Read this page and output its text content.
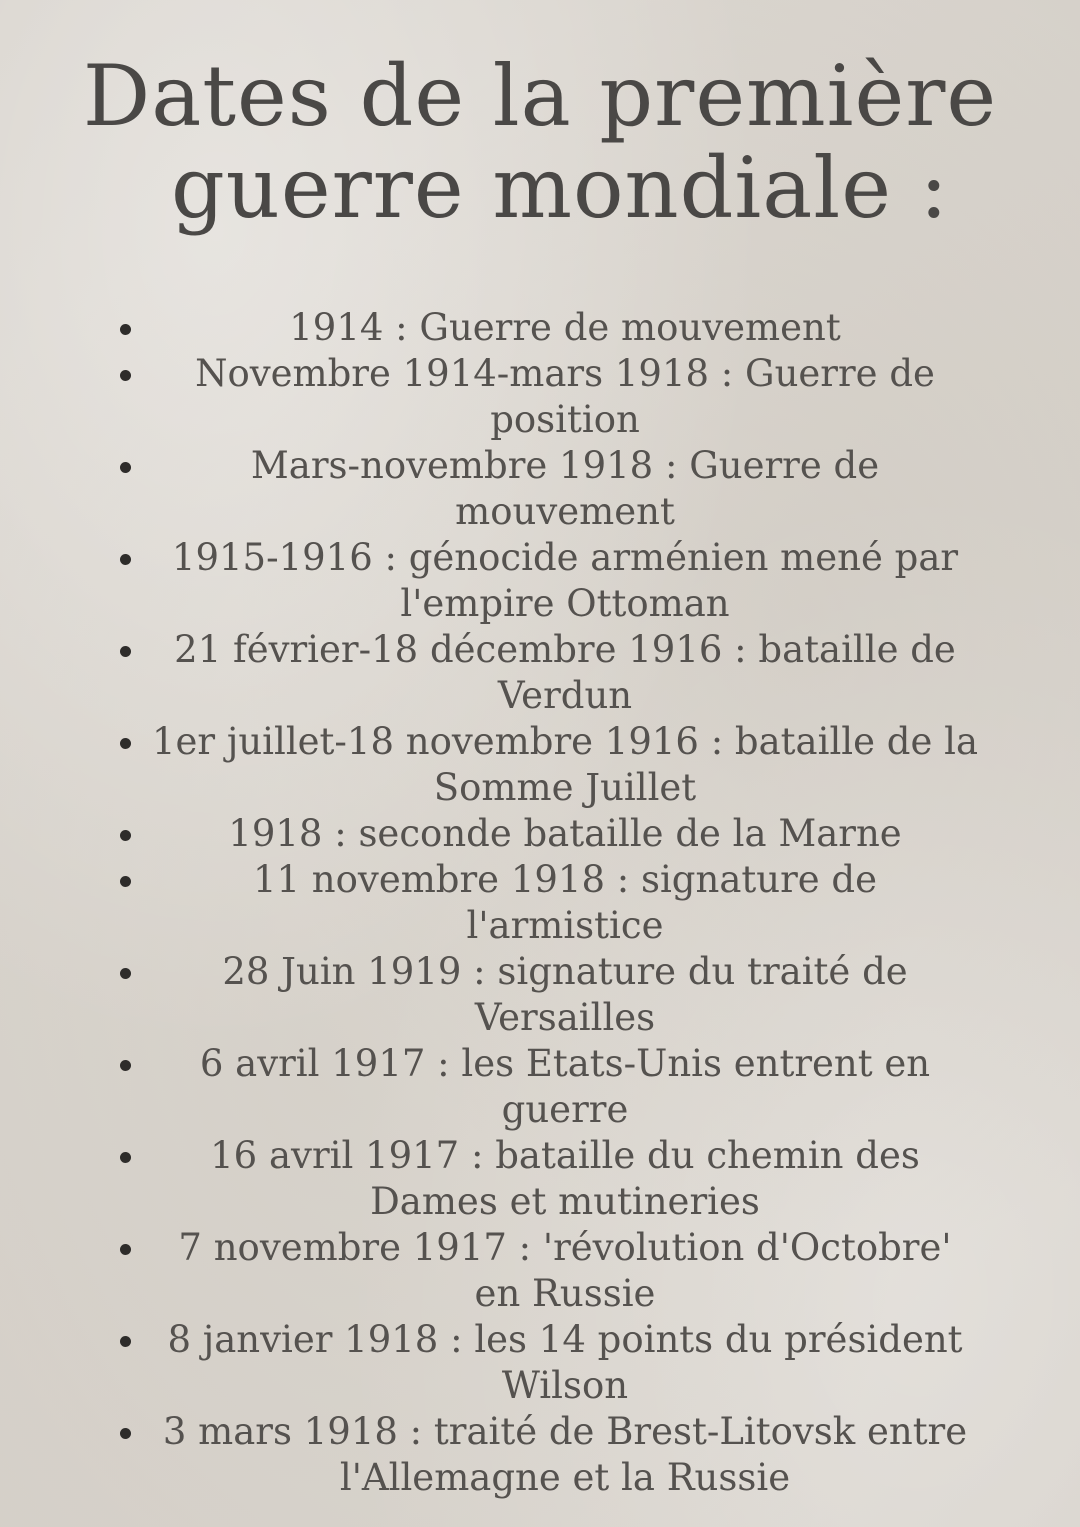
Dates de la première
guerre mondiale :
1914 : Guerre de mouvement
Novembre 1914-mars 1918 : Guerre de position
Mars-novembre 1918 : Guerre de mouvement
1915-1916 : génocide arménien mené par l'empire Ottoman
21 février-18 décembre 1916 : bataille de Verdun
1er juillet-18 novembre 1916 : bataille de la Somme Juillet
1918 : seconde bataille de la Marne
11 novembre 1918 : signature de l'armistice
28 Juin 1919 : signature du traité de Versailles
6 avril 1917 : les Etats-Unis entrent en guerre
16 avril 1917 : bataille du chemin des Dames et mutineries
7 novembre 1917 : 'révolution d'Octobre' en Russie
8 janvier 1918 : les 14 points du président Wilson
3 mars 1918 : traité de Brest-Litovsk entre l'Allemagne et la Russie
